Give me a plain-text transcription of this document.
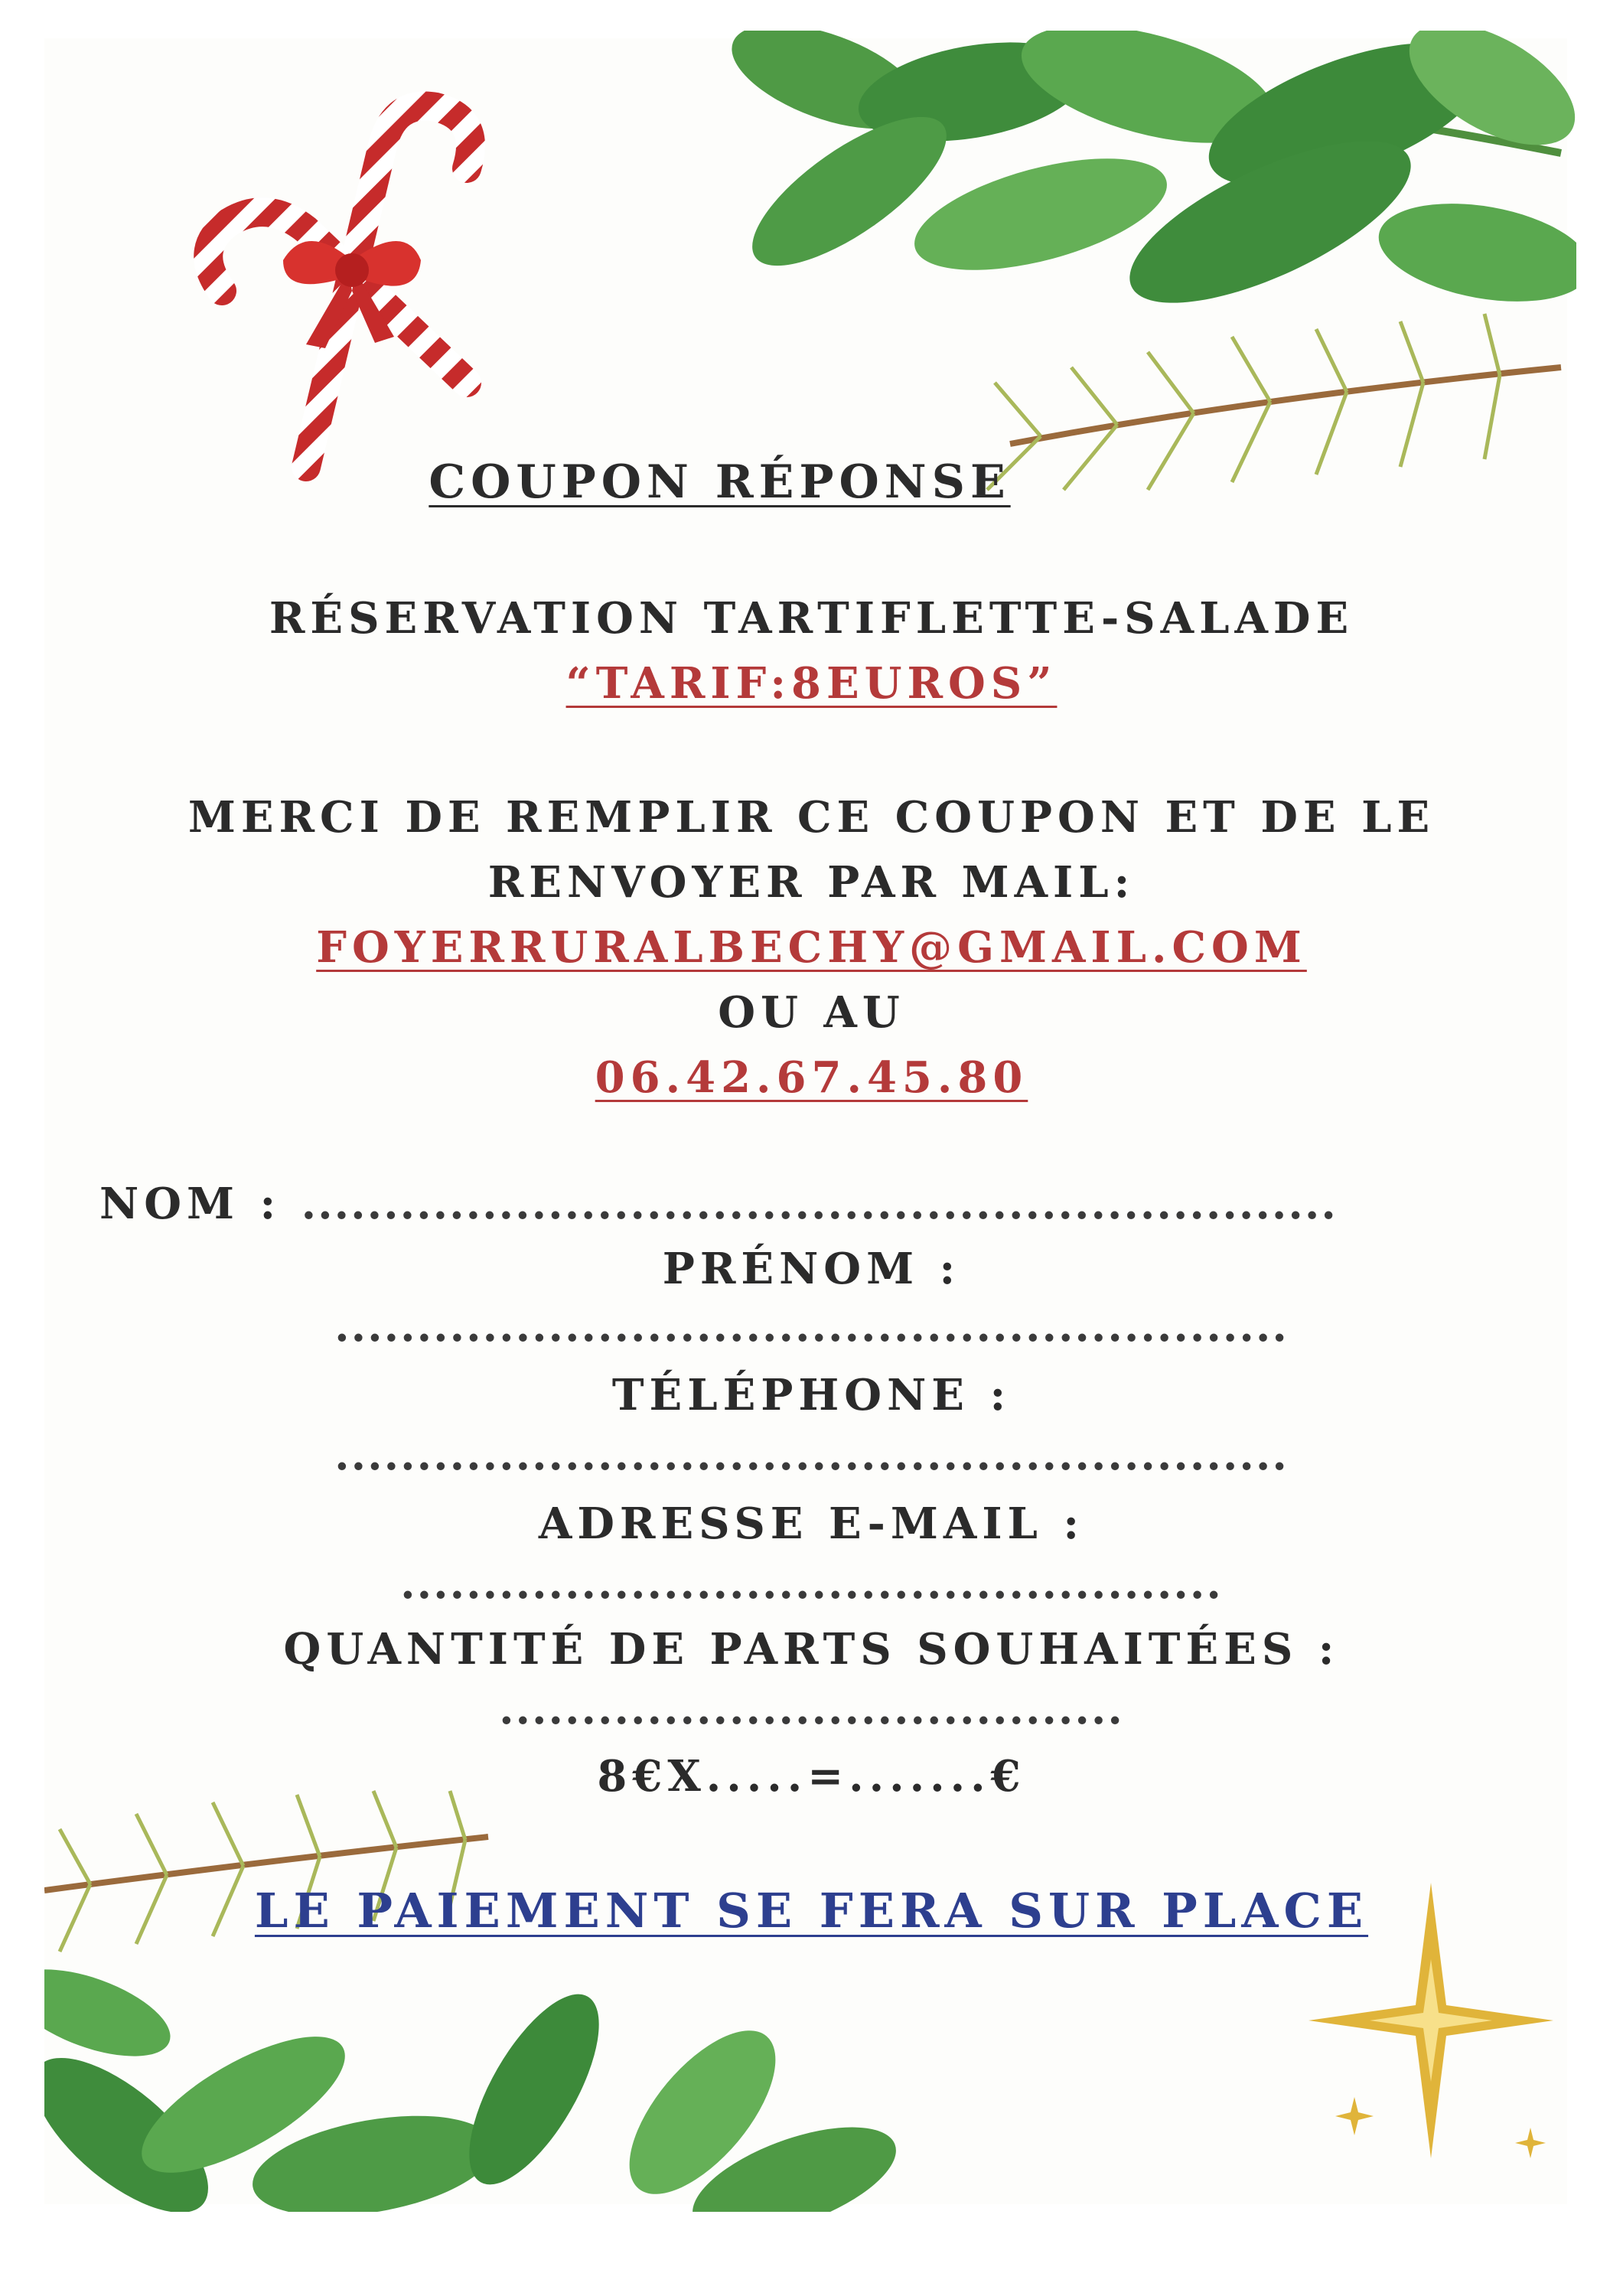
COUPON RÉPONSE
RÉSERVATION TARTIFLETTE-SALADE
“TARIF:8EUROS”
MERCI DE REMPLIR CE COUPON ET DE LE
RENVOYER PAR MAIL:
FOYERRURALBECHY@GMAIL.COM
OU AU
06.42.67.45.80
NOM : ...............................................................
PRÉNOM :
..........................................................
TÉLÉPHONE :
..........................................................
ADRESSE E-MAIL :
..................................................
QUANTITÉ DE PARTS SOUHAITÉES :
......................................
8€X.....=.......€
LE PAIEMENT SE FERA SUR PLACE
